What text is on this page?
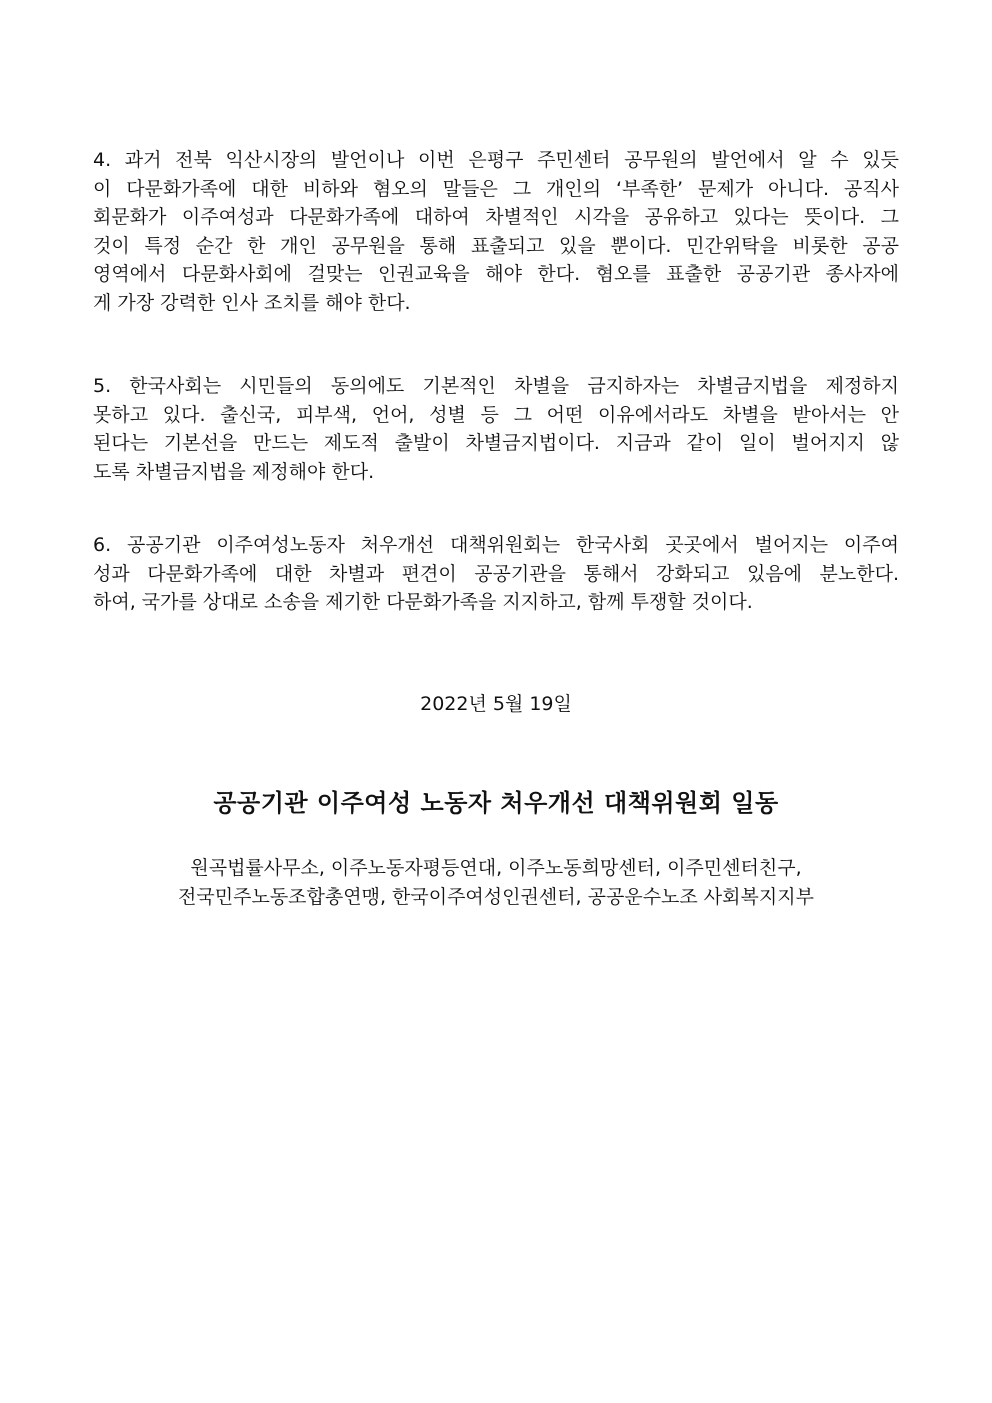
4. 과거 전북 익산시장의 발언이나 이번 은평구 주민센터 공무원의 발언에서 알 수 있듯
이 다문화가족에 대한 비하와 혐오의 말들은 그 개인의 ‘부족한’ 문제가 아니다. 공직사
회문화가 이주여성과 다문화가족에 대하여 차별적인 시각을 공유하고 있다는 뜻이다. 그
것이 특정 순간 한 개인 공무원을 통해 표출되고 있을 뿐이다. 민간위탁을 비롯한 공공
영역에서 다문화사회에 걸맞는 인권교육을 해야 한다. 혐오를 표출한 공공기관 종사자에
게 가장 강력한 인사 조치를 해야 한다.
5. 한국사회는 시민들의 동의에도 기본적인 차별을 금지하자는 차별금지법을 제정하지
못하고 있다. 출신국, 피부색, 언어, 성별 등 그 어떤 이유에서라도 차별을 받아서는 안
된다는 기본선을 만드는 제도적 출발이 차별금지법이다. 지금과 같이 일이 벌어지지 않
도록 차별금지법을 제정해야 한다.
6. 공공기관 이주여성노동자 처우개선 대책위원회는 한국사회 곳곳에서 벌어지는 이주여
성과 다문화가족에 대한 차별과 편견이 공공기관을 통해서 강화되고 있음에 분노한다.
하여, 국가를 상대로 소송을 제기한 다문화가족을 지지하고, 함께 투쟁할 것이다.
2022년 5월 19일
공공기관 이주여성 노동자 처우개선 대책위원회 일동
원곡법률사무소, 이주노동자평등연대, 이주노동희망센터, 이주민센터친구,
전국민주노동조합총연맹, 한국이주여성인권센터, 공공운수노조 사회복지지부
